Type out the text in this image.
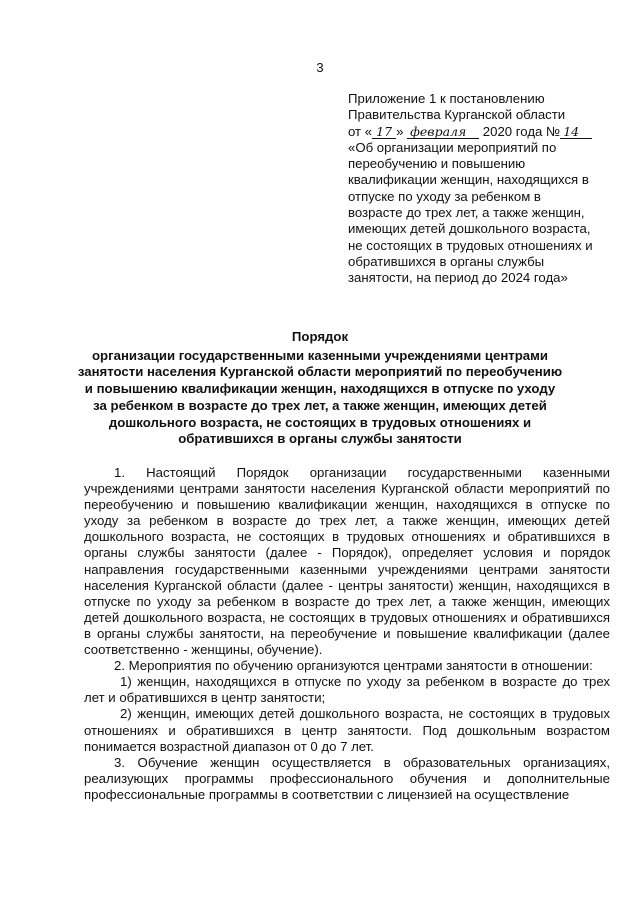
3
Приложение 1 к постановлению
Правительства Курганской области
от « 17 » февраля 2020 года № 14
«Об организации мероприятий по
переобучению и повышению
квалификации женщин, находящихся в
отпуске по уходу за ребенком в
возрасте до трех лет, а также женщин,
имеющих детей дошкольного возраста,
не состоящих в трудовых отношениях и
обратившихся в органы службы
занятости, на период до 2024 года»
Порядок
организации государственными казенными учреждениями центрами
занятости населения Курганской области мероприятий по переобучению
и повышению квалификации женщин, находящихся в отпуске по уходу
за ребенком в возрасте до трех лет, а также женщин, имеющих детей
дошкольного возраста, не состоящих в трудовых отношениях и
обратившихся в органы службы занятости

1. Настоящий Порядок организации государственными казенными учреждениями центрами занятости населения Курганской области мероприятий по переобучению и повышению квалификации женщин, находящихся в отпуске по уходу за ребенком в возрасте до трех лет, а также женщин, имеющих детей дошкольного возраста, не состоящих в трудовых отношениях и обратившихся в органы службы занятости (далее - Порядок), определяет условия и порядок направления государственными казенными учреждениями центрами занятости населения Курганской области (далее - центры занятости) женщин, находящихся в отпуске по уходу за ребенком в возрасте до трех лет, а также женщин, имеющих детей дошкольного возраста, не состоящих в трудовых отношениях и обратившихся в органы службы занятости, на переобучение и повышение квалификации (далее соответственно - женщины, обучение).

2. Мероприятия по обучению организуются центрами занятости в отношении:

1) женщин, находящихся в отпуске по уходу за ребенком в возрасте до трех лет и обратившихся в центр занятости;

2) женщин, имеющих детей дошкольного возраста, не состоящих в трудовых отношениях и обратившихся в центр занятости. Под дошкольным возрастом понимается возрастной диапазон от 0 до 7 лет.

3. Обучение женщин осуществляется в образовательных организациях, реализующих программы профессионального обучения и дополнительные профессиональные программы в соответствии с лицензией на осуществление
